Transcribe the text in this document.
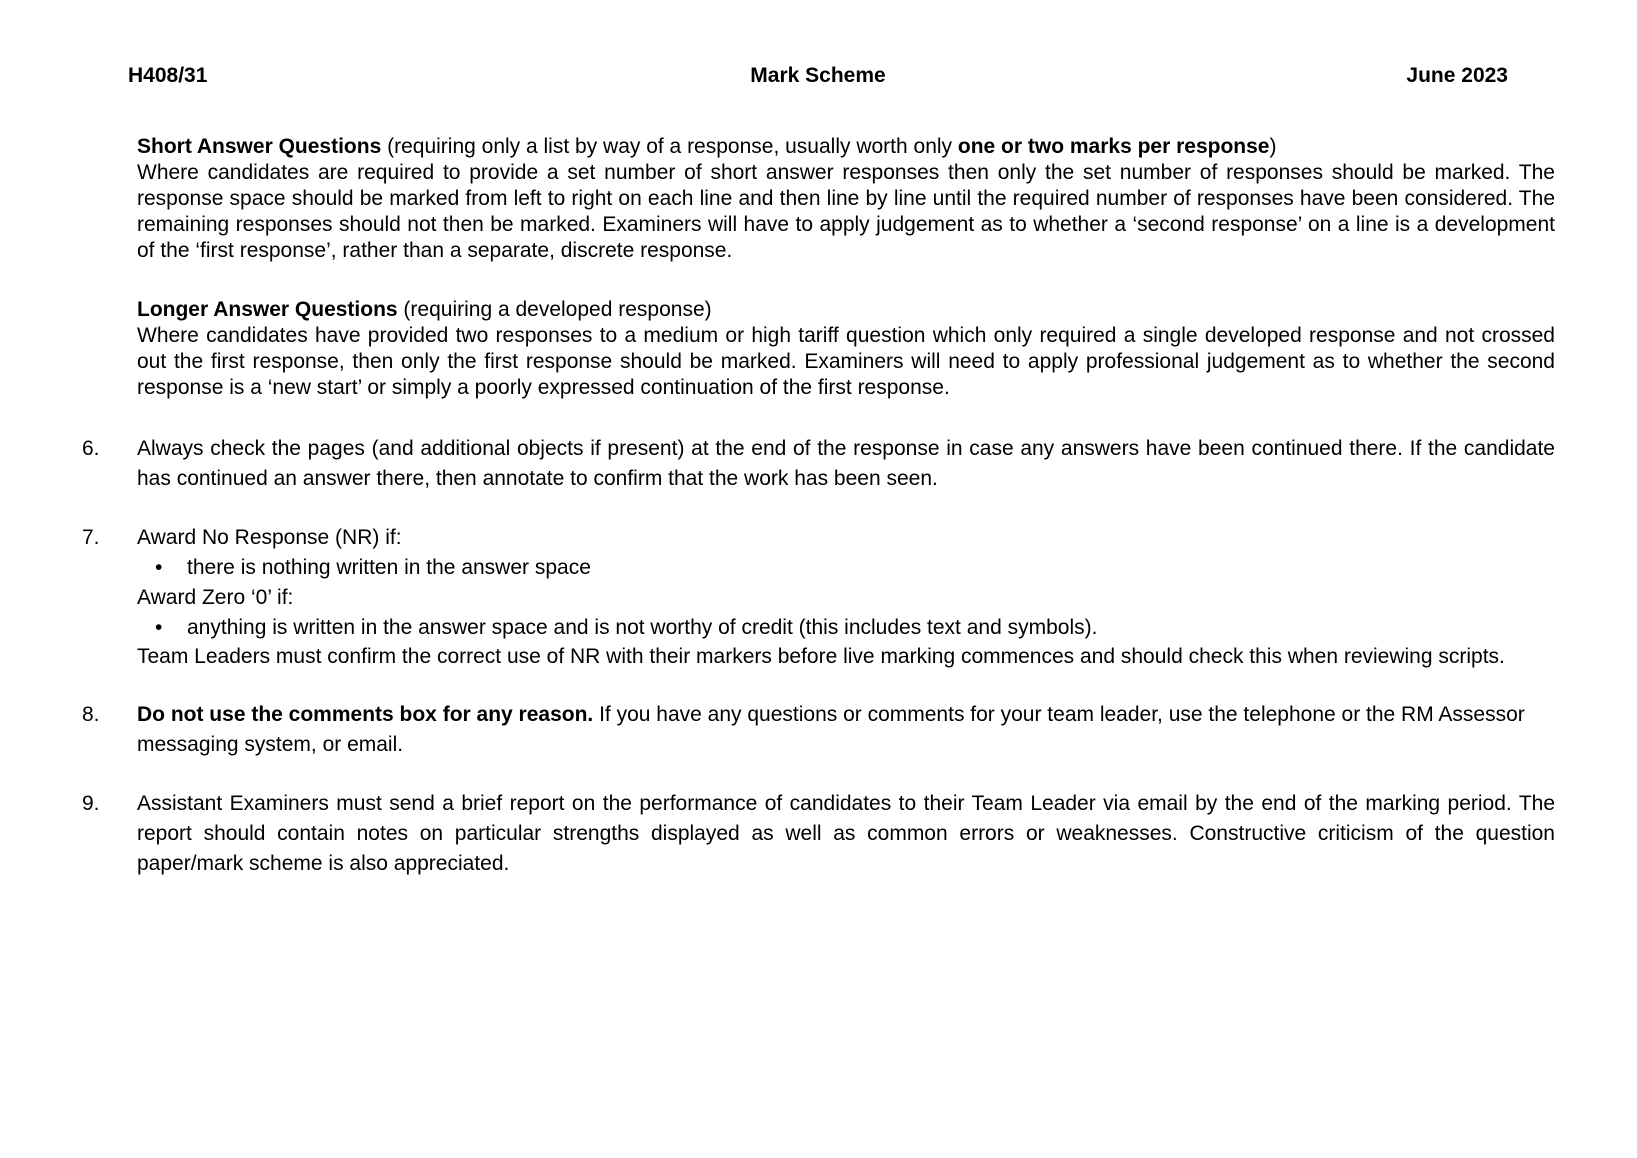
H408/31	Mark Scheme	June 2023

Short Answer Questions (requiring only a list by way of a response, usually worth only one or two marks per response)

Where candidates are required to provide a set number of short answer responses then only the set number of responses should be marked. The response space should be marked from left to right on each line and then line by line until the required number of responses have been considered. The remaining responses should not then be marked. Examiners will have to apply judgement as to whether a ‘second response’ on a line is a development of the ‘first response’, rather than a separate, discrete response.

Longer Answer Questions (requiring a developed response)

Where candidates have provided two responses to a medium or high tariff question which only required a single developed response and not crossed out the first response, then only the first response should be marked. Examiners will need to apply professional judgement as to whether the second response is a ‘new start’ or simply a poorly expressed continuation of the first response.

6. Always check the pages (and additional objects if present) at the end of the response in case any answers have been continued there. If the candidate has continued an answer there, then annotate to confirm that the work has been seen.

7. Award No Response (NR) if:

• there is nothing written in the answer space

Award Zero ‘0’ if:

• anything is written in the answer space and is not worthy of credit (this includes text and symbols).

Team Leaders must confirm the correct use of NR with their markers before live marking commences and should check this when reviewing scripts.

8. Do not use the comments box for any reason. If you have any questions or comments for your team leader, use the telephone or the RM Assessor messaging system, or email.

9. Assistant Examiners must send a brief report on the performance of candidates to their Team Leader via email by the end of the marking period. The report should contain notes on particular strengths displayed as well as common errors or weaknesses. Constructive criticism of the question paper/mark scheme is also appreciated.
